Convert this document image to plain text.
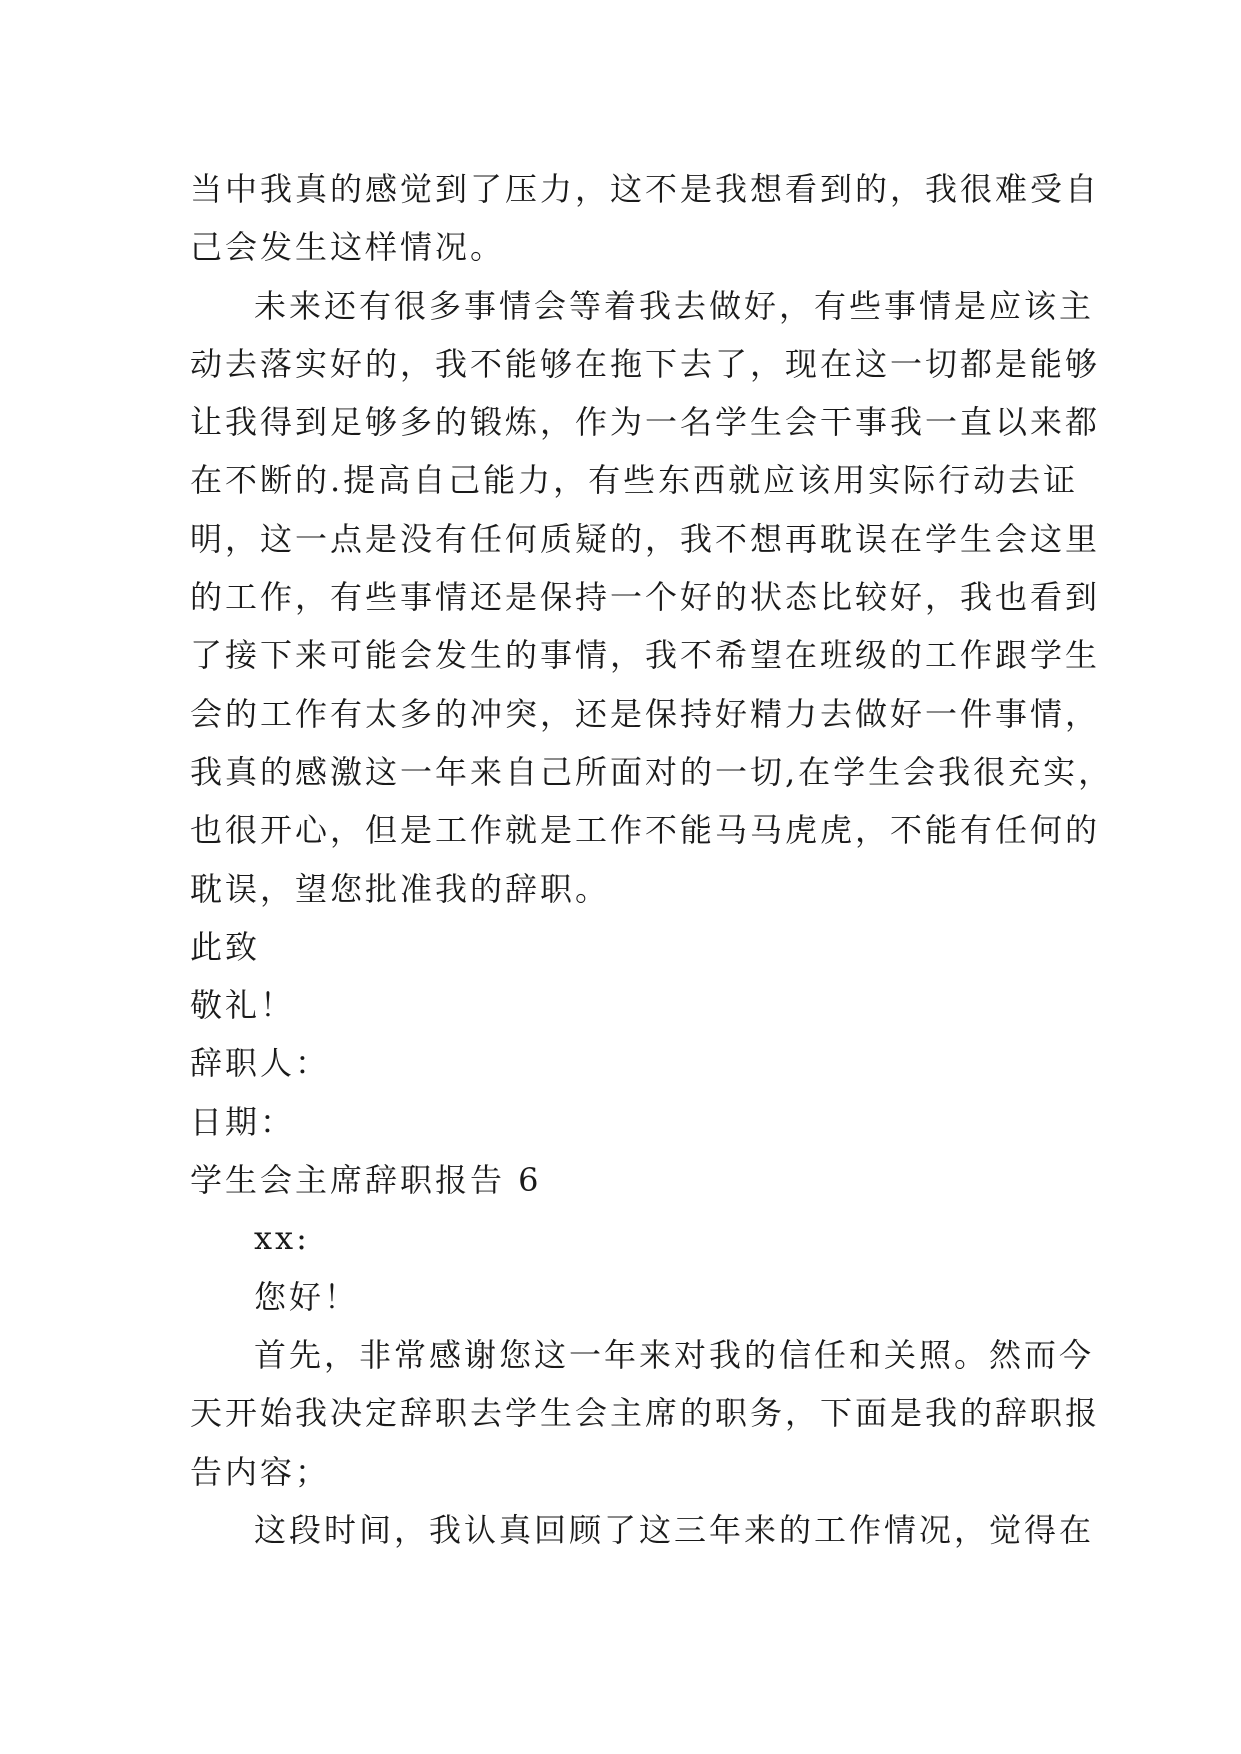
当中我真的感觉到了压力，这不是我想看到的，我很难受自
己会发生这样情况。
未来还有很多事情会等着我去做好，有些事情是应该主
动去落实好的，我不能够在拖下去了，现在这一切都是能够
让我得到足够多的锻炼，作为一名学生会干事我一直以来都
在不断的.提高自己能力，有些东西就应该用实际行动去证
明，这一点是没有任何质疑的，我不想再耽误在学生会这里
的工作，有些事情还是保持一个好的状态比较好，我也看到
了接下来可能会发生的事情，我不希望在班级的工作跟学生
会的工作有太多的冲突，还是保持好精力去做好一件事情，
我真的感激这一年来自己所面对的一切,在学生会我很充实，
也很开心，但是工作就是工作不能马马虎虎，不能有任何的
耽误，望您批准我的辞职。
此致
敬礼！
辞职人：
日期：
学生会主席辞职报告 6
xx:
您好！
首先，非常感谢您这一年来对我的信任和关照。然而今
天开始我决定辞职去学生会主席的职务，下面是我的辞职报
告内容；
这段时间，我认真回顾了这三年来的工作情况，觉得在
